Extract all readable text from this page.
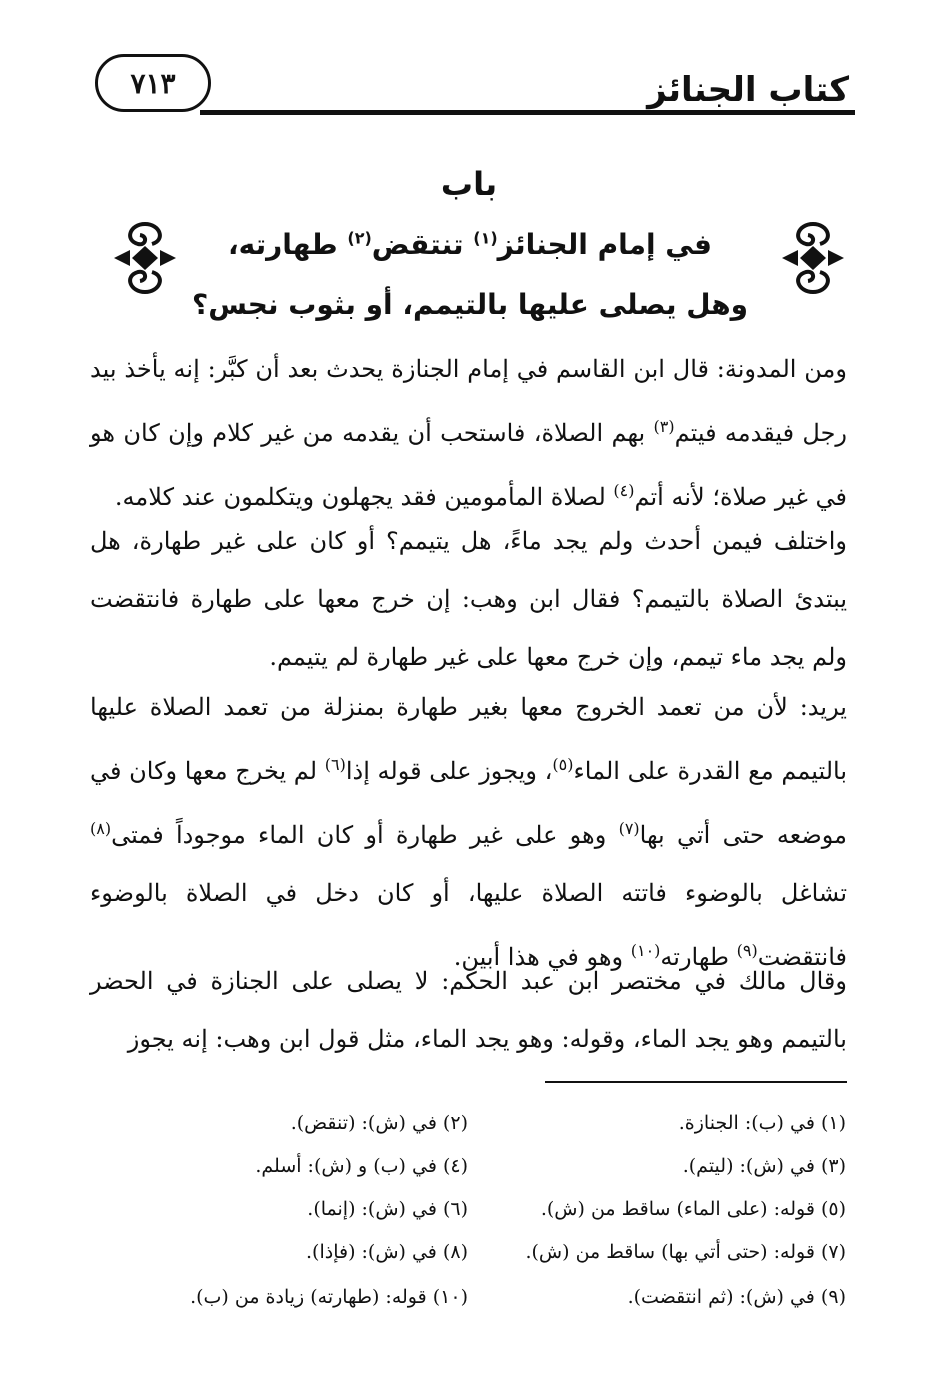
٧١٣	كتاب الجنائز
باب
في إمام الجنائز$^{(١)}$ تنتقض$^{(٢)}$ طهارته،
وهل يصلى عليها بالتيمم، أو بثوب نجس؟
ومن المدونة: قال ابن القاسم في إمام الجنازة يحدث بعد أن كبَّر: إنه يأخذ بيد رجل فيقدمه فيتم$^{(٣)}$ بهم الصلاة، فاستحب أن يقدمه من غير كلام وإن كان هو في غير صلاة؛ لأنه أتم$^{(٤)}$ لصلاة المأمومين فقد يجهلون ويتكلمون عند كلامه.
واختلف فيمن أحدث ولم يجد ماءً، هل يتيمم؟ أو كان على غير طهارة، هل يبتدئ الصلاة بالتيمم؟ فقال ابن وهب: إن خرج معها على طهارة فانتقضت ولم يجد ماء تيمم، وإن خرج معها على غير طهارة لم يتيمم.
يريد: لأن من تعمد الخروج معها بغير طهارة بمنزلة من تعمد الصلاة عليها بالتيمم مع القدرة على الماء$^{(٥)}$، ويجوز على قوله إذا$^{(٦)}$ لم يخرج معها وكان في موضعه حتى أتي بها$^{(٧)}$ وهو على غير طهارة أو كان الماء موجوداً فمتى$^{(٨)}$ تشاغل بالوضوء فاتته الصلاة عليها، أو كان دخل في الصلاة بالوضوء فانتقضت$^{(٩)}$ طهارته$^{(١٠)}$ وهو في هذا أبين.
وقال مالك في مختصر ابن عبد الحكم: لا يصلى على الجنازة في الحضر بالتيمم وهو يجد الماء، وقوله: وهو يجد الماء، مثل قول ابن وهب: إنه يجوز
(١) في (ب): الجنازة.
(٢) في (ش): (تنقض).
(٣) في (ش): (ليتم).
(٤) في (ب) و (ش): أسلم.
(٥) قوله: (على الماء) ساقط من (ش).
(٦) في (ش): (إنما).
(٧) قوله: (حتى أتي بها) ساقط من (ش).
(٨) في (ش): (فإذا).
(٩) في (ش): (ثم انتقضت).
(١٠) قوله: (طهارته) زيادة من (ب).
